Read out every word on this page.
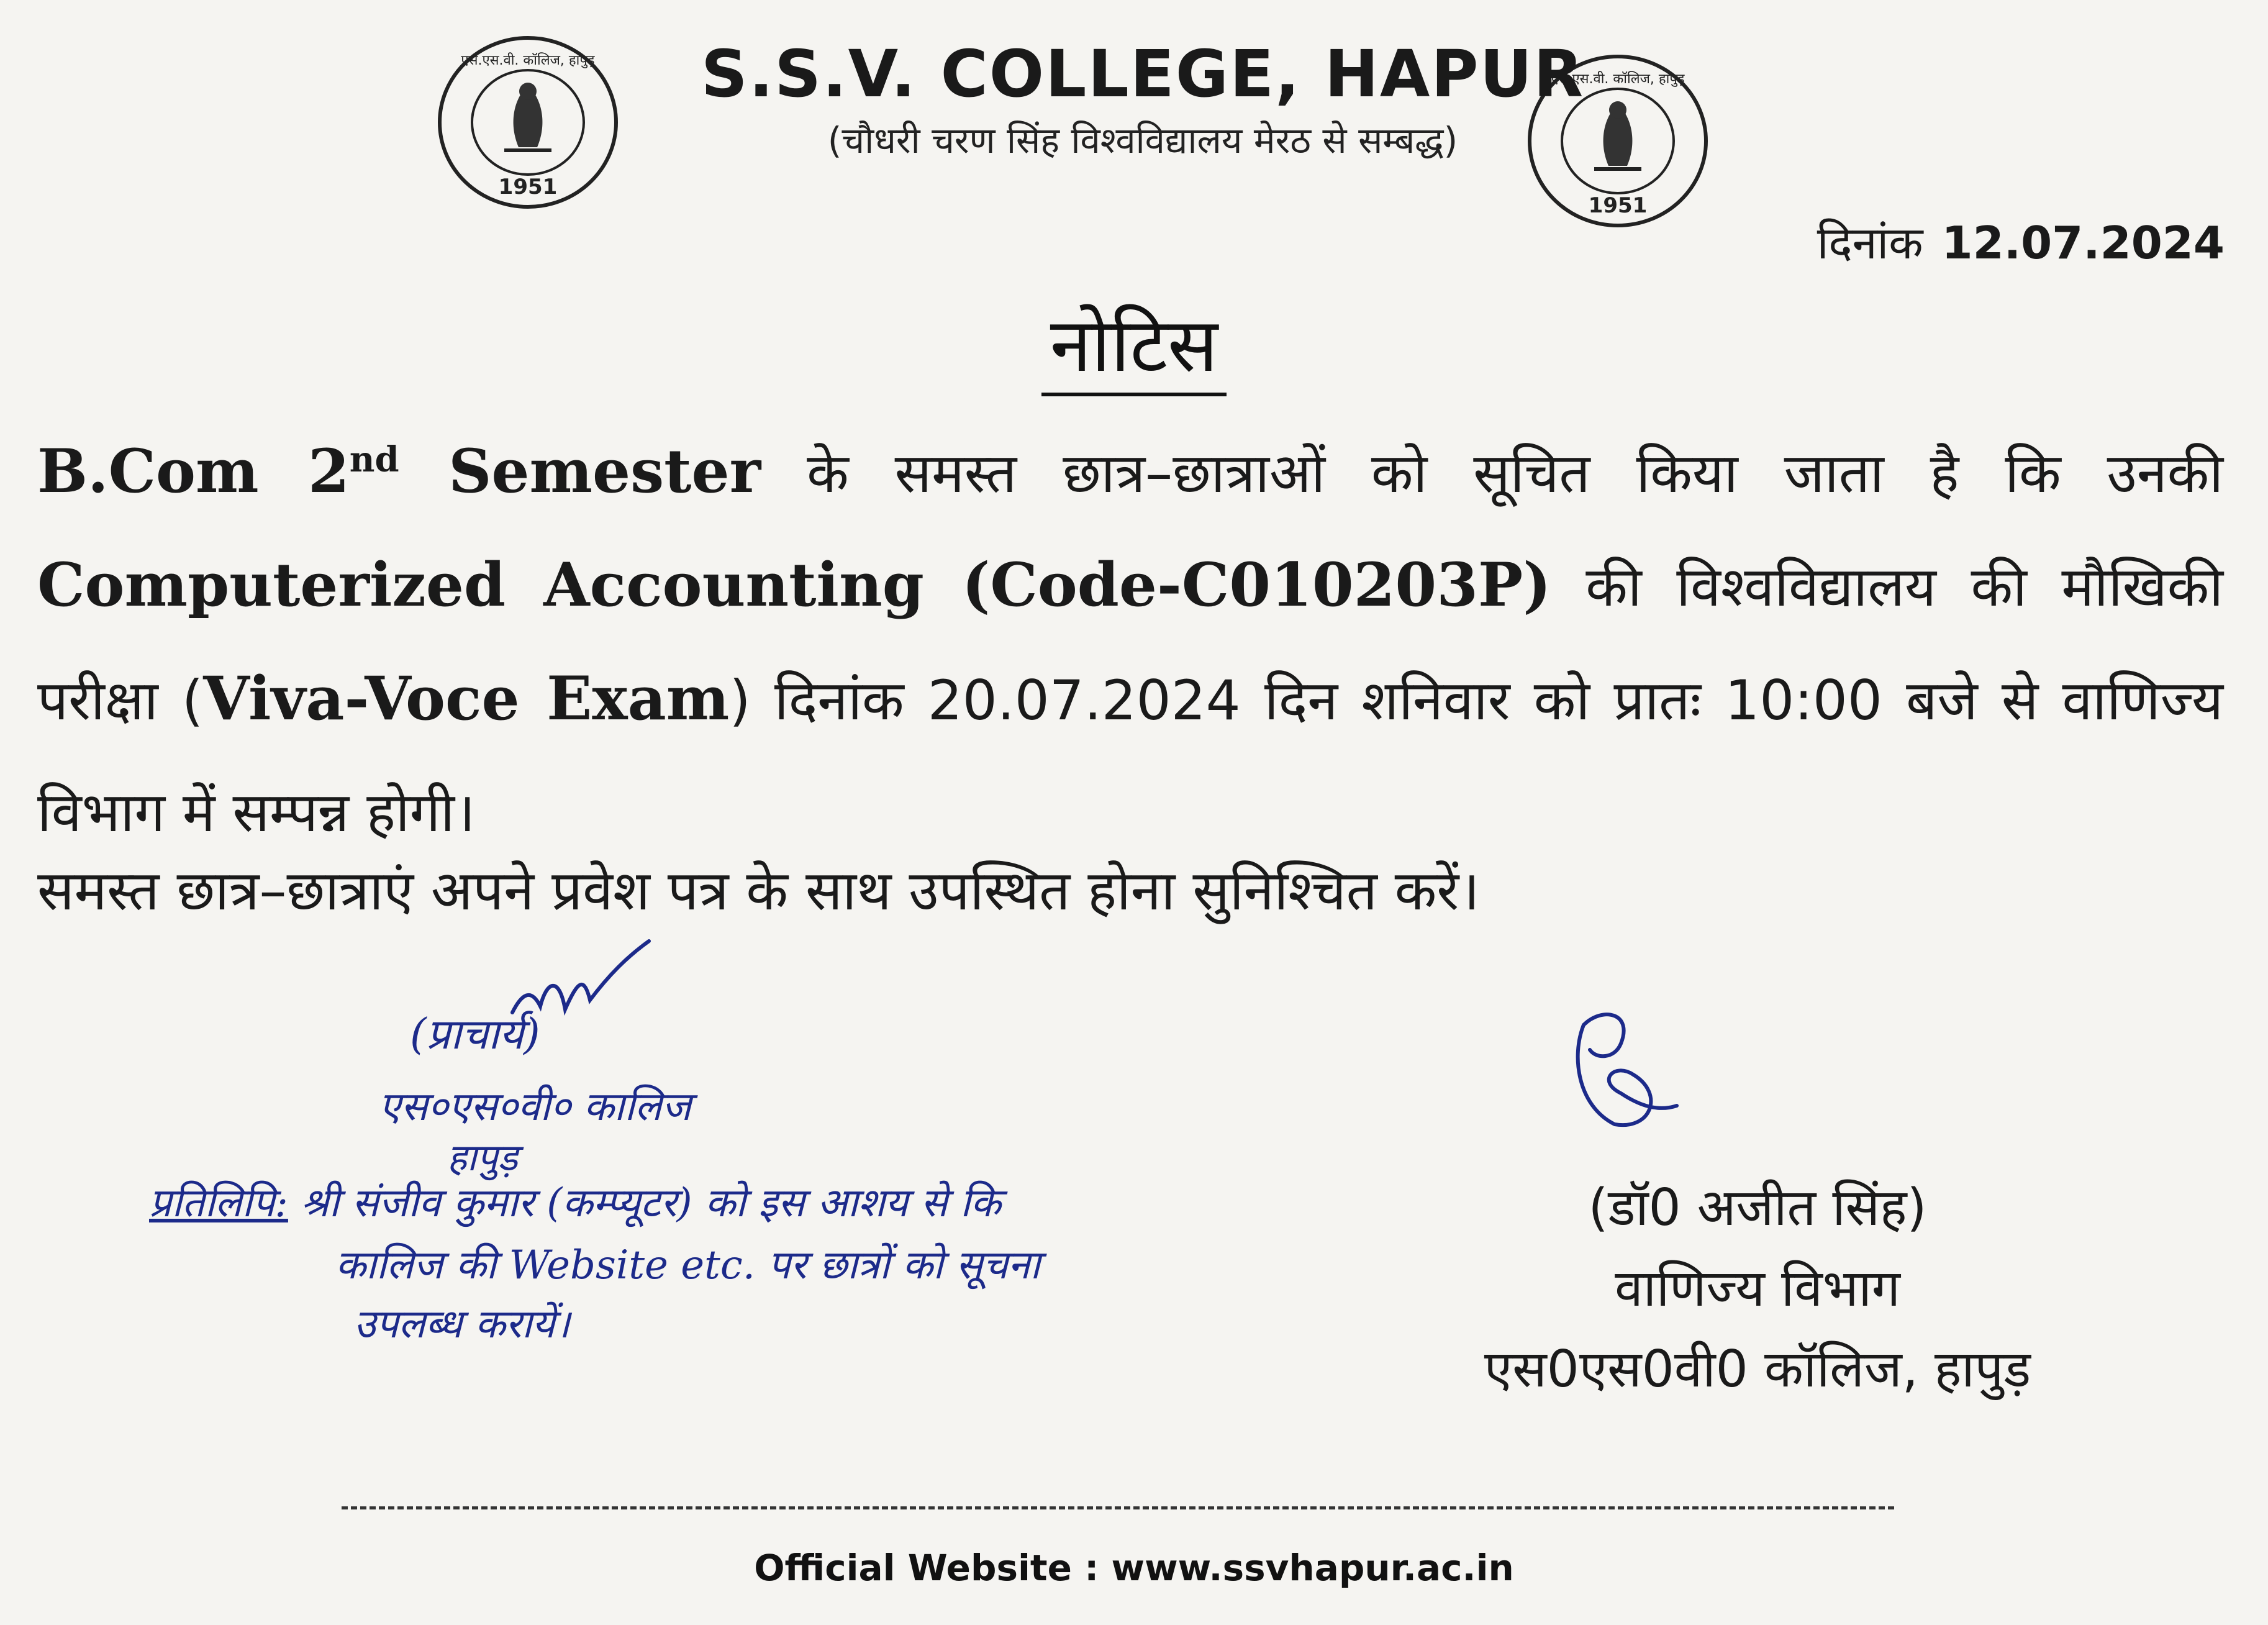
1951
एस.एस.वी. कॉलिज, हापुड़
1951
एस.एस.वी. कॉलिज, हापुड़
S.S.V. COLLEGE, HAPUR
(चौधरी चरण सिंह विश्वविद्यालय मेरठ से सम्बद्ध)
दिनांक 12.07.2024
नोटिस
B.Com 2nd Semester के समस्त छात्र–छात्राओं को सूचित किया जाता है कि उनकी Computerized Accounting (Code-C010203P) की विश्वविद्यालय की मौखिकी परीक्षा (Viva-Voce Exam) दिनांक 20.07.2024 दिन शनिवार को प्रातः 10:00 बजे से वाणिज्य विभाग में सम्पन्न होगी।
समस्त छात्र–छात्राएं अपने प्रवेश पत्र के साथ उपस्थित होना सुनिश्चित करें।
(प्राचार्य)
एस०एस०वी० कालिज
हापुड़
प्रतिलिपि: श्री संजीव कुमार (कम्प्यूटर) को इस आशय से कि
कालिज की Website etc. पर छात्रों को सूचना
उपलब्ध करायें।
(डॉ0 अजीत सिंह)
वाणिज्य विभाग
एस0एस0वी0 कॉलिज, हापुड़
Official Website : www.ssvhapur.ac.in
